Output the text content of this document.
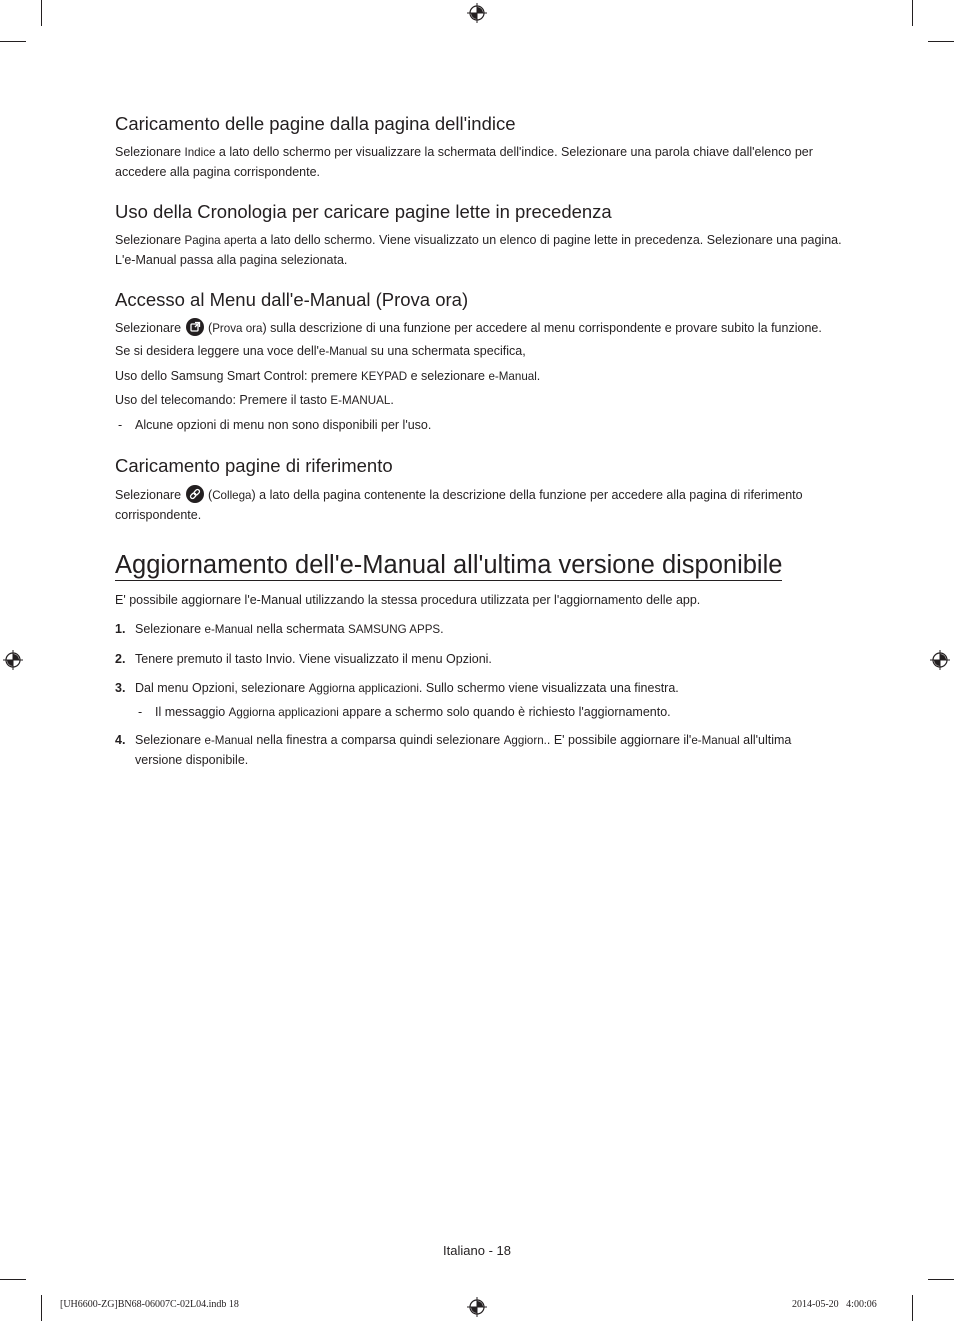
Caricamento delle pagine dalla pagina dell'indice

Selezionare Indice a lato dello schermo per visualizzare la schermata dell'indice. Selezionare una parola chiave dall'elenco per accedere alla pagina corrispondente.

Uso della Cronologia per caricare pagine lette in precedenza

Selezionare Pagina aperta a lato dello schermo. Viene visualizzato un elenco di pagine lette in precedenza. Selezionare una pagina. L'e-Manual passa alla pagina selezionata.

Accesso al Menu dall'e-Manual (Prova ora)

Selezionare (Prova ora) sulla descrizione di una funzione per accedere al menu corrispondente e provare subito la funzione.

Se si desidera leggere una voce dell'e-Manual su una schermata specifica,

Uso dello Samsung Smart Control: premere KEYPAD e selezionare e-Manual.

Uso del telecomando: Premere il tasto E-MANUAL.

- Alcune opzioni di menu non sono disponibili per l'uso.

Caricamento pagine di riferimento

Selezionare (Collega) a lato della pagina contenente la descrizione della funzione per accedere alla pagina di riferimento corrispondente.

Aggiornamento dell'e-Manual all'ultima versione disponibile

E' possibile aggiornare l'e-Manual utilizzando la stessa procedura utilizzata per l'aggiornamento delle app.

1. Selezionare e-Manual nella schermata SAMSUNG APPS.

2. Tenere premuto il tasto Invio. Viene visualizzato il menu Opzioni.

3. Dal menu Opzioni, selezionare Aggiorna applicazioni. Sullo schermo viene visualizzata una finestra.

- Il messaggio Aggiorna applicazioni appare a schermo solo quando è richiesto l'aggiornamento.

4. Selezionare e-Manual nella finestra a comparsa quindi selezionare Aggiorn.. E' possibile aggiornare il'e-Manual all'ultima versione disponibile.

Italiano - 18
[UH6600-ZG]BN68-06007C-02L04.indb 18	2014-05-20   4:00:06
